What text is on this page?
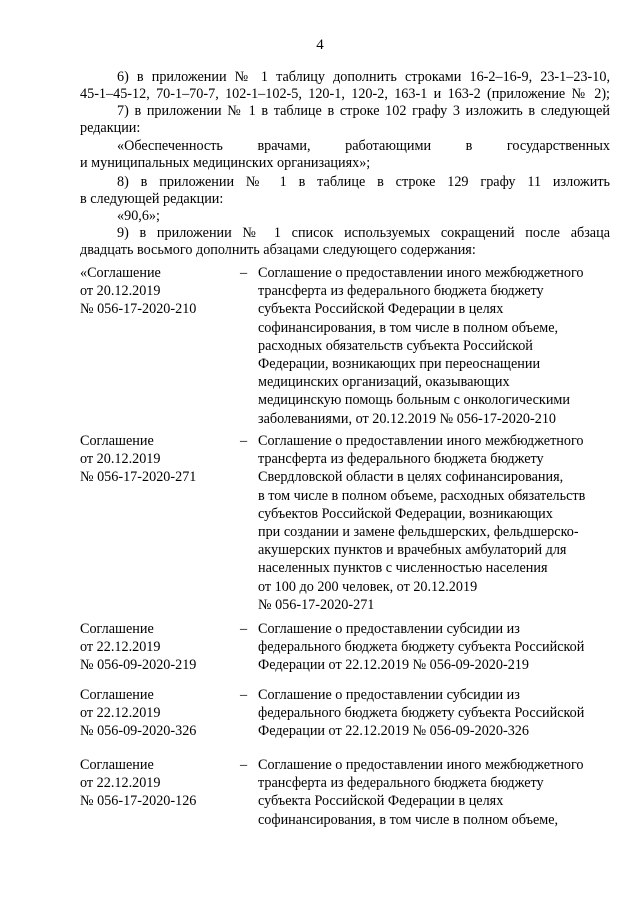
4
6) в приложении № 1 таблицу дополнить строками 16-2–16-9, 23-1–23-10,
45-1–45-12, 70-1–70-7, 102-1–102-5, 120-1, 120-2, 163-1 и 163-2 (приложение № 2);
7) в приложении № 1 в таблице в строке 102 графу 3 изложить в следующей
редакции:
«Обеспеченность врачами, работающими в государственных
и муниципальных медицинских организациях»;
8) в приложении № 1 в таблице в строке 129 графу 11 изложить
в следующей редакции:
«90,6»;
9) в приложении № 1 список используемых сокращений после абзаца
двадцать восьмого дополнить абзацами следующего содержания:
«Соглашение
от 20.12.2019
№ 056-17-2020-210
– Соглашение о предоставлении иного межбюджетного
трансферта из федерального бюджета бюджету
субъекта Российской Федерации в целях
софинансирования, в том числе в полном объеме,
расходных обязательств субъекта Российской
Федерации, возникающих при переоснащении
медицинских организаций, оказывающих
медицинскую помощь больным с онкологическими
заболеваниями, от 20.12.2019 № 056-17-2020-210
Соглашение
от 20.12.2019
№ 056-17-2020-271
– Соглашение о предоставлении иного межбюджетного
трансферта из федерального бюджета бюджету
Свердловской области в целях софинансирования,
в том числе в полном объеме, расходных обязательств
субъектов Российской Федерации, возникающих
при создании и замене фельдшерских, фельдшерско-
акушерских пунктов и врачебных амбулаторий для
населенных пунктов с численностью населения
от 100 до 200 человек, от 20.12.2019
№ 056-17-2020-271
Соглашение
от 22.12.2019
№ 056-09-2020-219
– Соглашение о предоставлении субсидии из
федерального бюджета бюджету субъекта Российской
Федерации от 22.12.2019 № 056-09-2020-219
Соглашение
от 22.12.2019
№ 056-09-2020-326
– Соглашение о предоставлении субсидии из
федерального бюджета бюджету субъекта Российской
Федерации от 22.12.2019 № 056-09-2020-326
Соглашение
от 22.12.2019
№ 056-17-2020-126
– Соглашение о предоставлении иного межбюджетного
трансферта из федерального бюджета бюджету
субъекта Российской Федерации в целях
софинансирования, в том числе в полном объеме,
